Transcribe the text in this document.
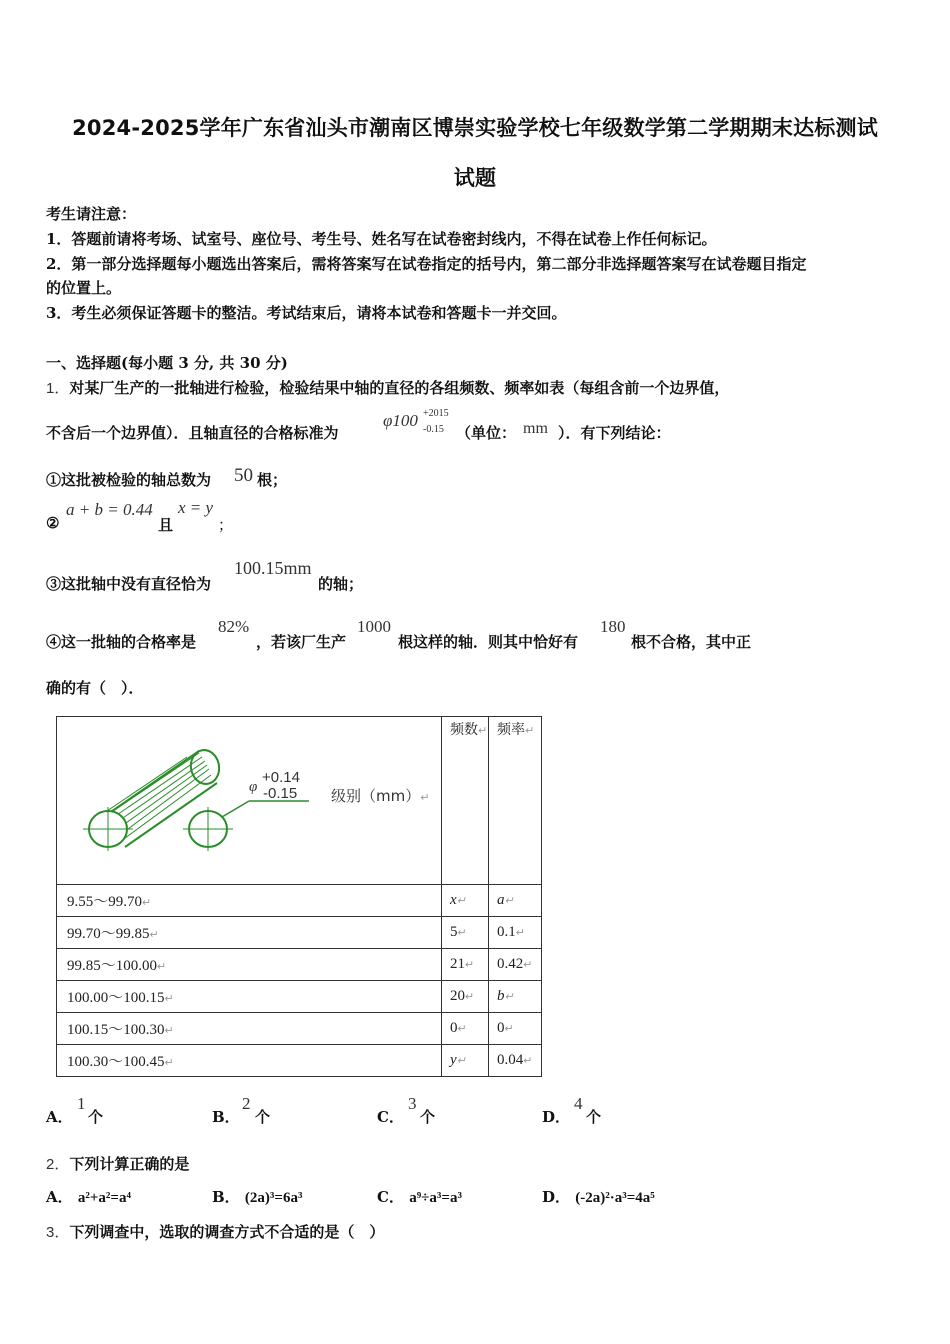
2024-2025学年广东省汕头市潮南区博崇实验学校七年级数学第二学期期末达标测试
试题
考生请注意：
1．答题前请将考场、试室号、座位号、考生号、姓名写在试卷密封线内，不得在试卷上作任何标记。
2．第一部分选择题每小题选出答案后，需将答案写在试卷指定的括号内，第二部分非选择题答案写在试卷题目指定
的位置上。
3．考生必须保证答题卡的整洁。考试结束后，请将本试卷和答题卡一并交回。
一、选择题(每小题 3 分, 共 30 分)
1．对某厂生产的一批轴进行检验，检验结果中轴的直径的各组频数、频率如表（每组含前一个边界值，
不含后一个边界值）．且轴直径的合格标准为
φ100 +2015
-0.15 （单位： mm ）．有下列结论：
①这批被检验的轴总数为 50 根；
②
a + b = 0.44
且
x = y
；
③这批轴中没有直径恰为
100.15mm
的轴；
④这一批轴的合格率是
82%
，若该厂生产
1000
根这样的轴．则其中恰好有
180
根不合格，其中正
确的有（　）．
φ
+0.14
-0.15 级别（mm）↵	频数↵	频率↵
9.55～99.70↵	x↵	a↵
99.70～99.85↵	5↵	0.1↵
99.85～100.00↵	21↵	0.42↵
100.00～100.15↵	20↵	b↵
100.15～100.30↵	0↵	0↵
100.30～100.45↵	y↵	0.04↵
A．
1
个	B．
2
个	C．
3
个	D．
4
个
2．下列计算正确的是
A． a²+a²=a⁴	B． (2a)³=6a³	C． a⁹÷a³=a³	D． (-2a)²·a³=4a⁵
3．下列调查中，选取的调查方式不合适的是（　）
